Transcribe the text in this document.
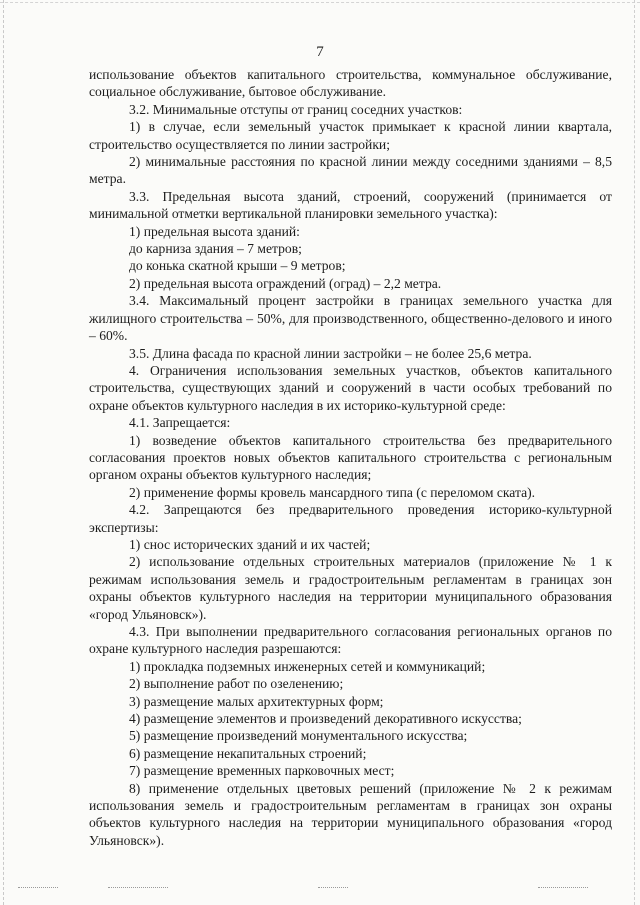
7

использование объектов капитального строительства, коммунальное обслуживание, социальное обслуживание, бытовое обслуживание.

3.2. Минимальные отступы от границ соседних участков:

1) в случае, если земельный участок примыкает к красной линии квартала, строительство осуществляется по линии застройки;

2) минимальные расстояния по красной линии между соседними зданиями – 8,5 метра.

3.3. Предельная высота зданий, строений, сооружений (принимается от минимальной отметки вертикальной планировки земельного участка):

1) предельная высота зданий:

до карниза здания – 7 метров;

до конька скатной крыши – 9 метров;

2) предельная высота ограждений (оград) – 2,2 метра.

3.4. Максимальный процент застройки в границах земельного участка для жилищного строительства – 50%, для производственного, общественно-делового и иного – 60%.

3.5. Длина фасада по красной линии застройки – не более 25,6 метра.

4. Ограничения использования земельных участков, объектов капитального строительства, существующих зданий и сооружений в части особых требований по охране объектов культурного наследия в их историко-культурной среде:

4.1. Запрещается:

1) возведение объектов капитального строительства без предварительного согласования проектов новых объектов капитального строительства с региональным органом охраны объектов культурного наследия;

2) применение формы кровель мансардного типа (с переломом ската).

4.2. Запрещаются без предварительного проведения историко-культурной экспертизы:

1) снос исторических зданий и их частей;

2) использование отдельных строительных материалов (приложение № 1 к режимам использования земель и градостроительным регламентам в границах зон охраны объектов культурного наследия на территории муниципального образования «город Ульяновск»).

4.3. При выполнении предварительного согласования региональных органов по охране культурного наследия разрешаются:

1) прокладка подземных инженерных сетей и коммуникаций;

2) выполнение работ по озеленению;

3) размещение малых архитектурных форм;

4) размещение элементов и произведений декоративного искусства;

5) размещение произведений монументального искусства;

6) размещение некапитальных строений;

7) размещение временных парковочных мест;

8) применение отдельных цветовых решений (приложение № 2 к режимам использования земель и градостроительным регламентам в границах зон охраны объектов культурного наследия на территории муниципального образования «город Ульяновск»).
